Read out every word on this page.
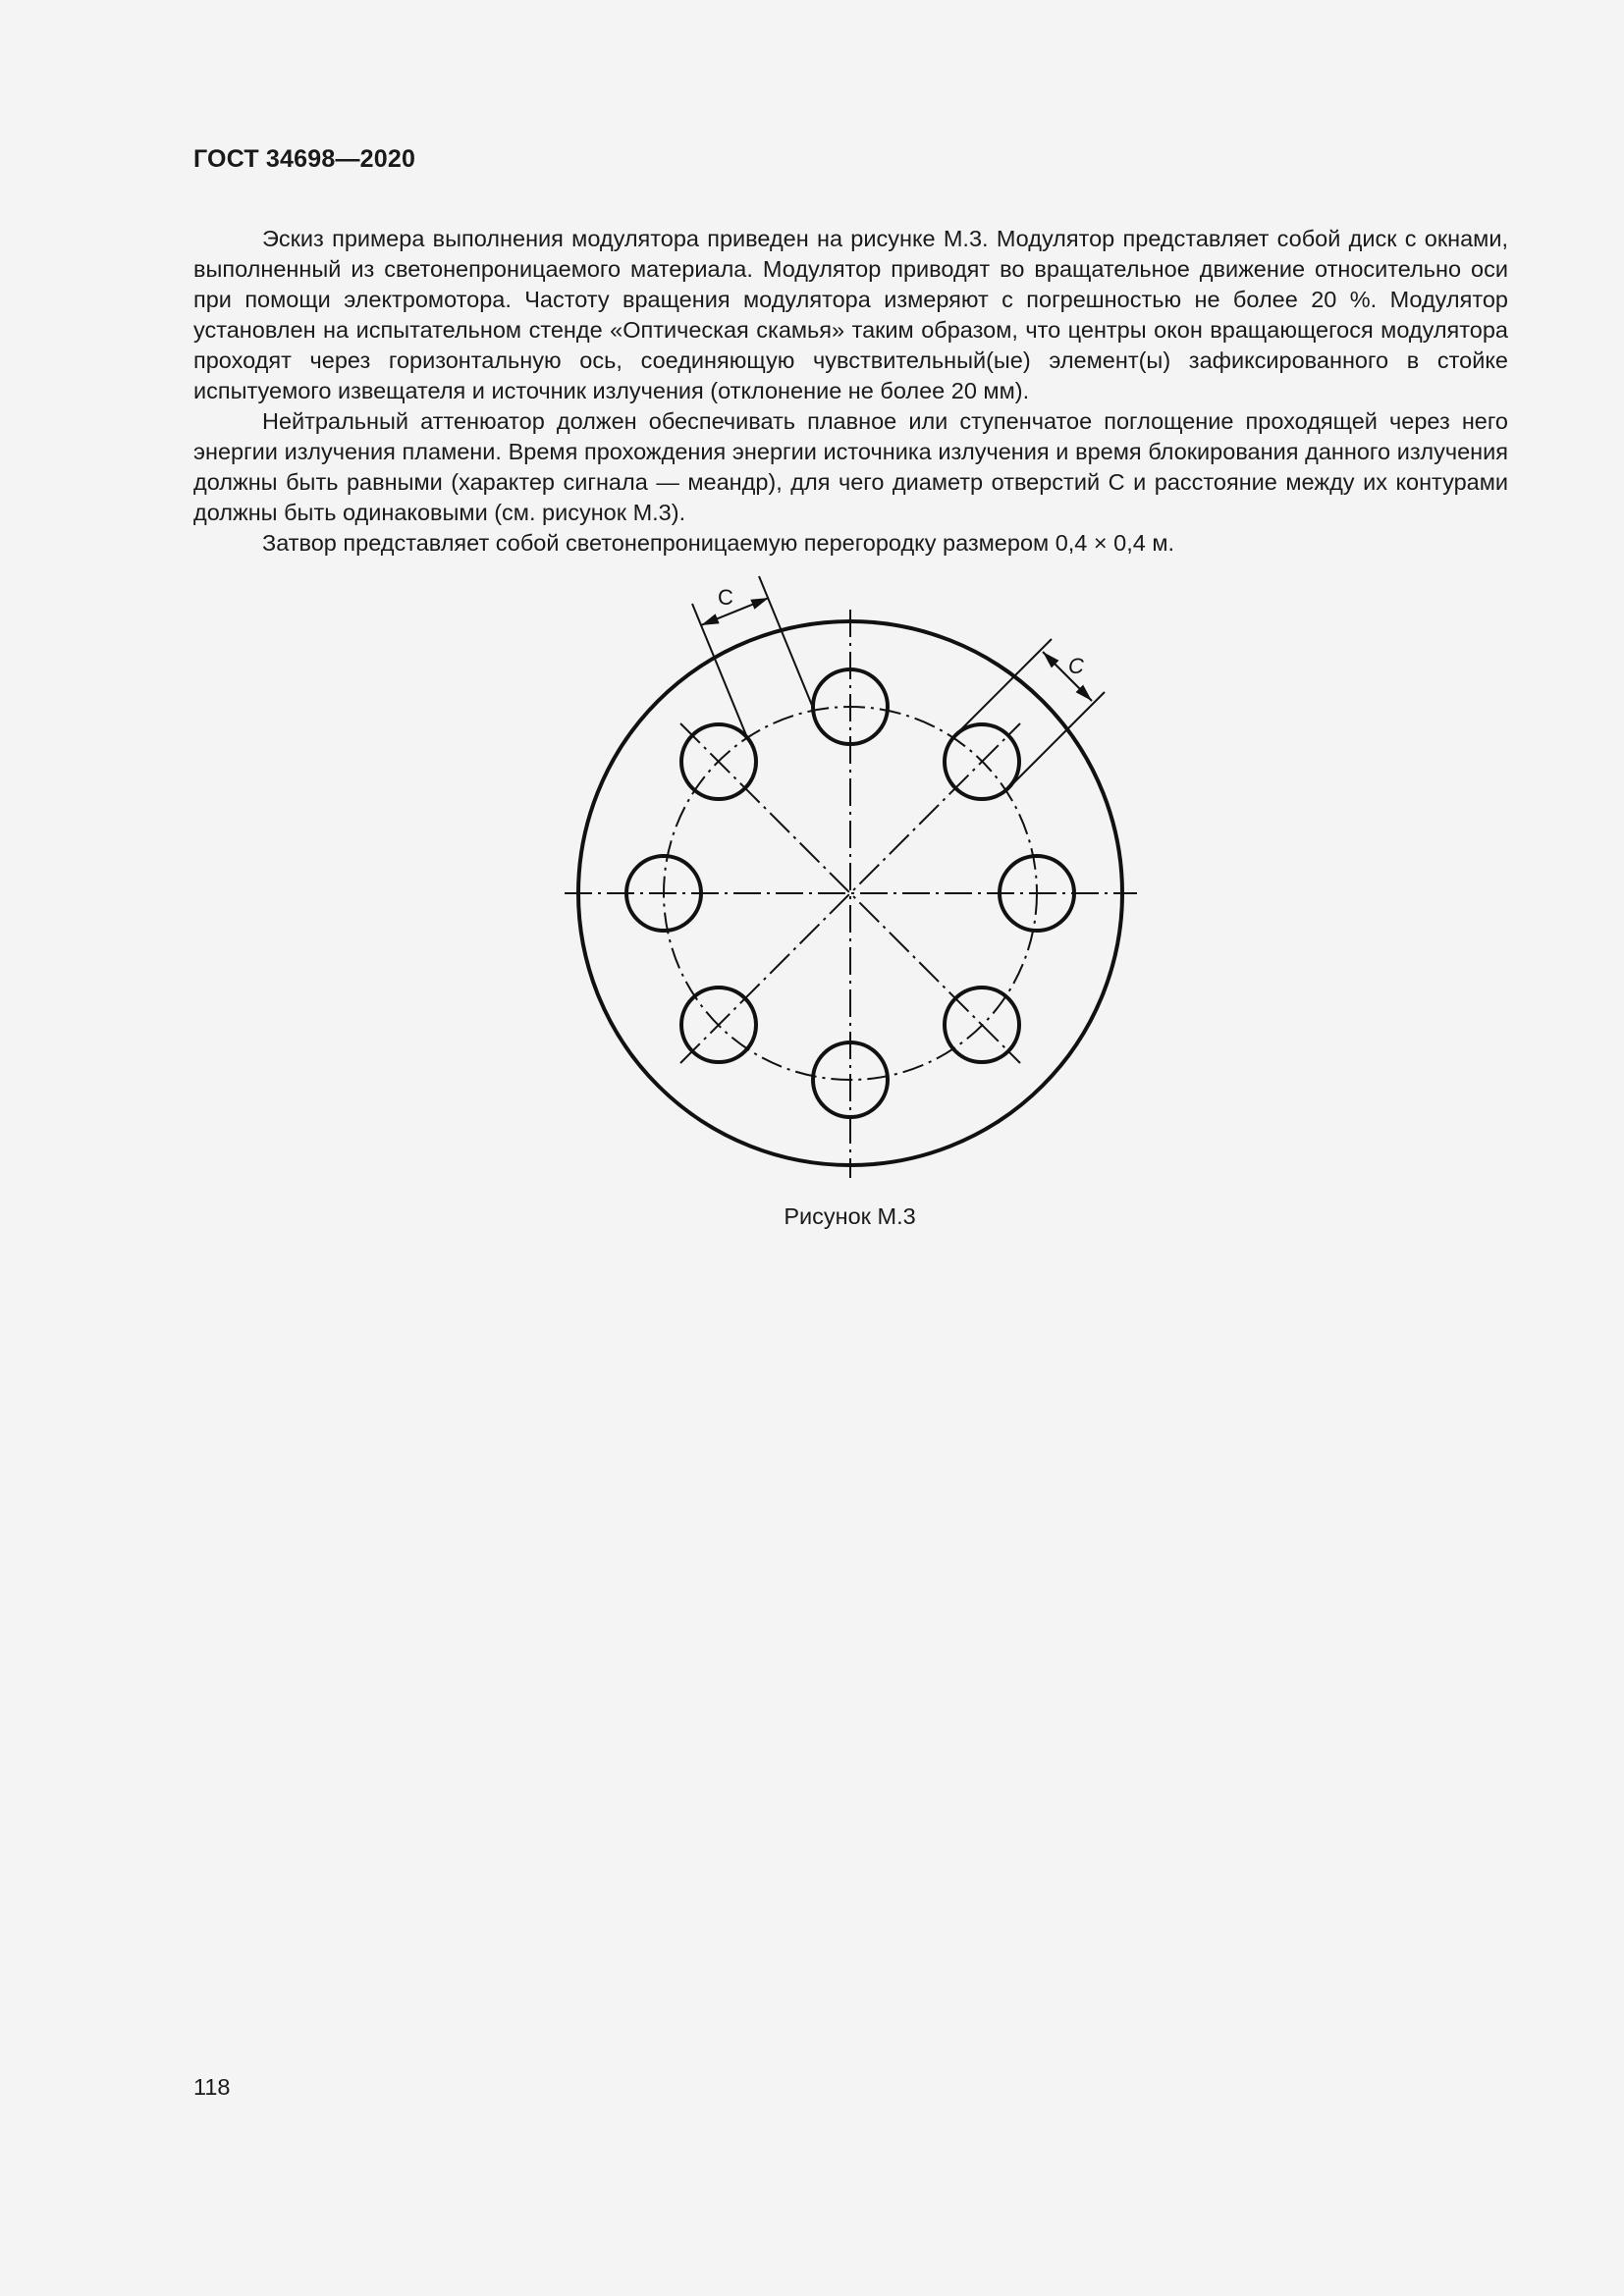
ГОСТ 34698—2020

Эскиз примера выполнения модулятора приведен на рисунке М.3. Модулятор представляет собой диск с окнами, выполненный из светонепроницаемого материала. Модулятор приводят во вращательное движение относительно оси при помощи электромотора. Частоту вращения модулятора измеряют с погрешностью не более 20 %. Модулятор установлен на испытательном стенде «Оптическая скамья» таким образом, что центры окон вращающегося модулятора проходят через горизонтальную ось, соединяющую чувствительный(ые) элемент(ы) зафиксированного в стойке испытуемого извещателя и источник излучения (отклонение не более 20 мм).

Нейтральный аттенюатор должен обеспечивать плавное или ступенчатое поглощение проходящей через него энергии излучения пламени. Время прохождения энергии источника излучения и время блокирования данного излучения должны быть равными (характер сигнала — меандр), для чего диаметр отверстий С и расстояние между их контурами должны быть одинаковыми (см. рисунок М.3).

Затвор представляет собой светонепроницаемую перегородку размером 0,4 × 0,4 м.

С
С
Рисунок М.3
118
